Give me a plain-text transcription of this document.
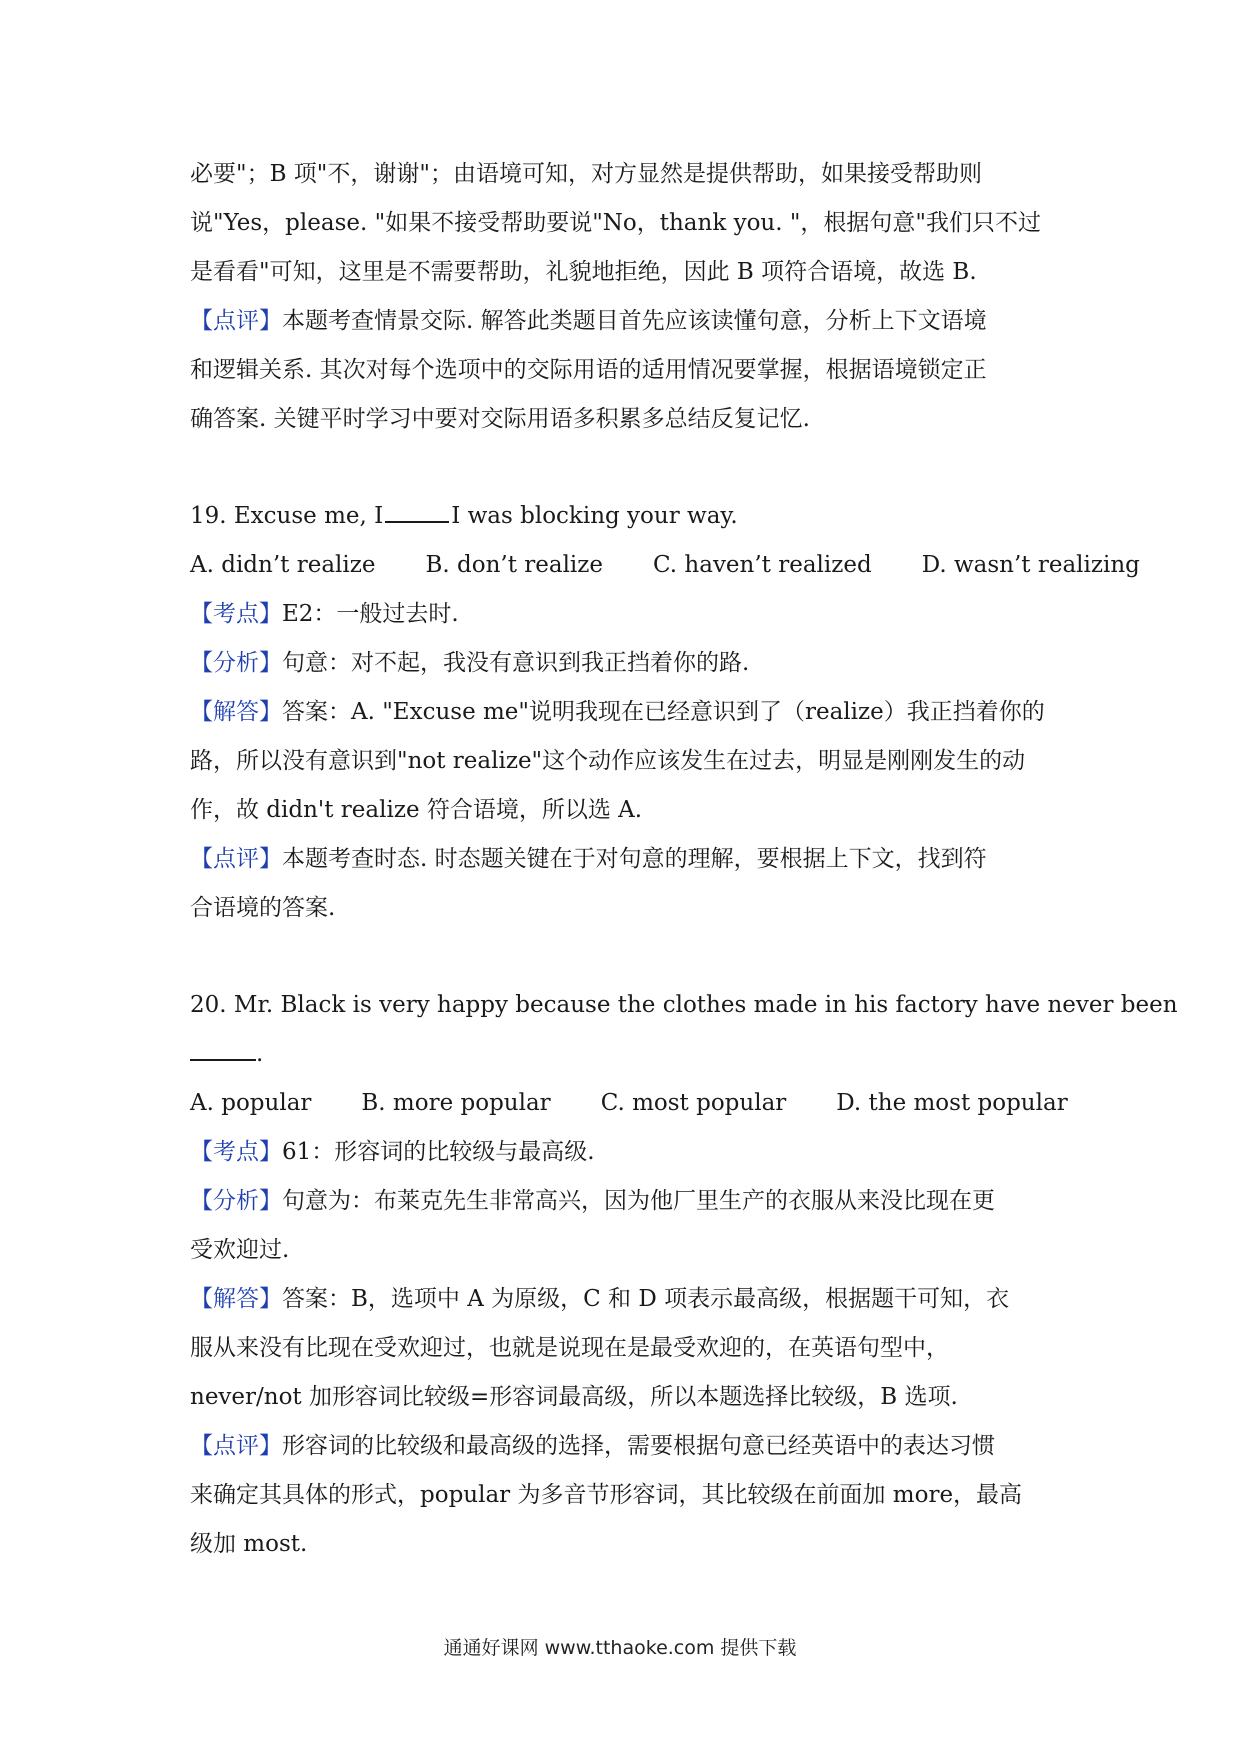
必要"；B 项"不，谢谢"；由语境可知，对方显然是提供帮助，如果接受帮助则
说"Yes，please. "如果不接受帮助要说"No，thank you. "，根据句意"我们只不过
是看看"可知，这里是不需要帮助，礼貌地拒绝，因此 B 项符合语境，故选 B.
【点评】本题考查情景交际. 解答此类题目首先应该读懂句意，分析上下文语境
和逻辑关系. 其次对每个选项中的交际用语的适用情况要掌握，根据语境锁定正
确答案. 关键平时学习中要对交际用语多积累多总结反复记忆.
19. Excuse me, I	I was blocking your way.
A. didn’t realize B. don’t realize C. haven’t realized D. wasn’t realizing
【考点】E2：一般过去时.
【分析】句意：对不起，我没有意识到我正挡着你的路.
【解答】答案：A. "Excuse me"说明我现在已经意识到了（realize）我正挡着你的
路，所以没有意识到"not realize"这个动作应该发生在过去，明显是刚刚发生的动
作，故 didn't realize 符合语境，所以选 A.
【点评】本题考查时态. 时态题关键在于对句意的理解，要根据上下文，找到符
合语境的答案.
20. Mr. Black is very happy because the clothes made in his factory have never been
.
A. popular B. more popular C. most popular D. the most popular
【考点】61：形容词的比较级与最高级.
【分析】句意为：布莱克先生非常高兴，因为他厂里生产的衣服从来没比现在更
受欢迎过.
【解答】答案：B，选项中 A 为原级，C 和 D 项表示最高级，根据题干可知，衣
服从来没有比现在受欢迎过，也就是说现在是最受欢迎的，在英语句型中，
never/not 加形容词比较级=形容词最高级，所以本题选择比较级，B 选项.
【点评】形容词的比较级和最高级的选择，需要根据句意已经英语中的表达习惯
来确定其具体的形式，popular 为多音节形容词，其比较级在前面加 more，最高
级加 most.
通通好课网 www.tthaoke.com 提供下载
